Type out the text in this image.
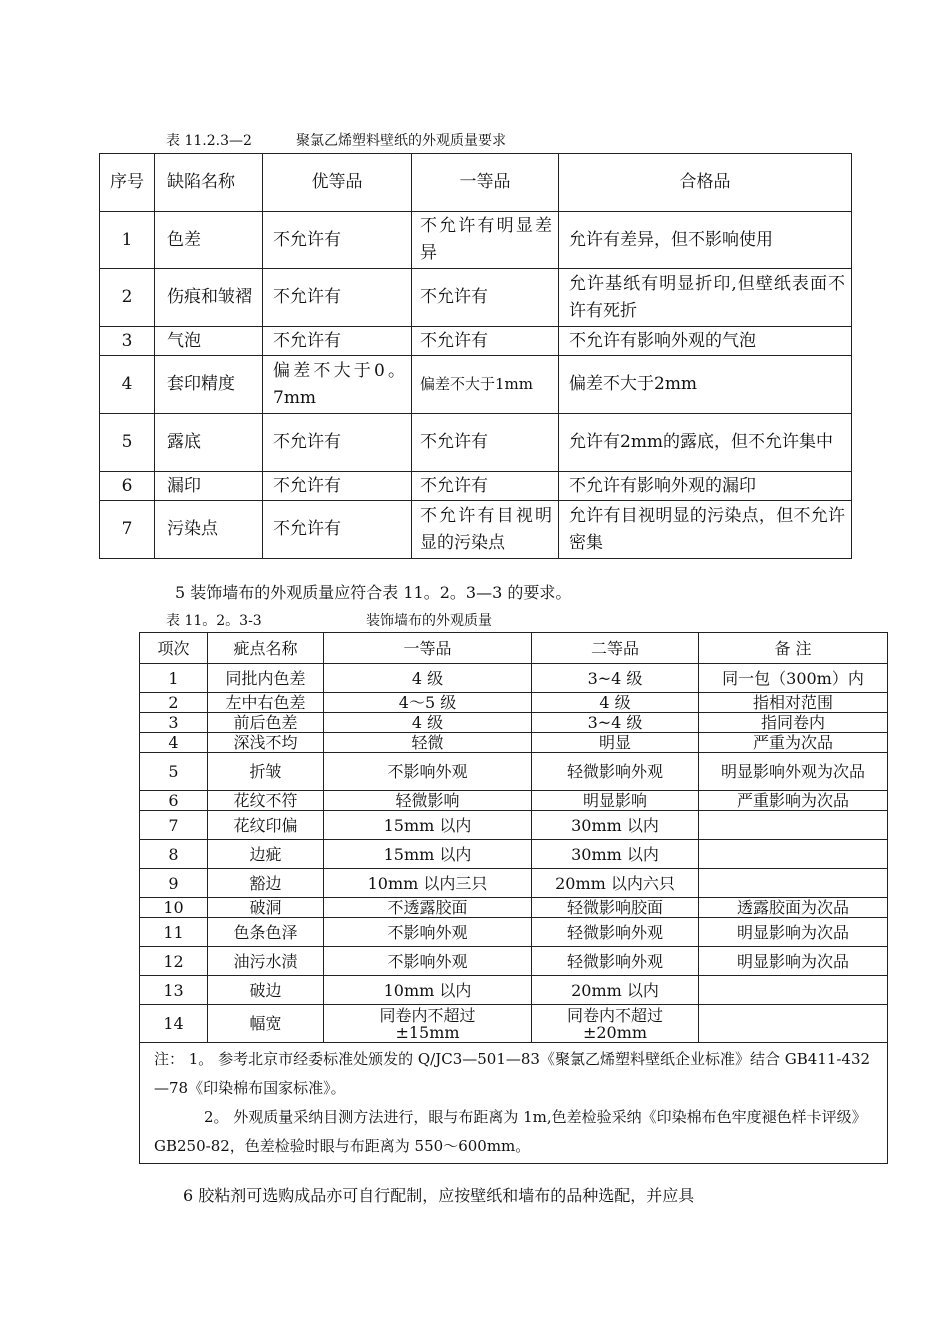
表 11.2.3—2	聚氯乙烯塑料壁纸的外观质量要求
序号	缺陷名称	优等品	一等品	合格品
1	色差	不允许有	不允许有明显差异	允许有差异，但不影响使用
2	伤痕和皱褶	不允许有	不允许有	允许基纸有明显折印,但壁纸表面不许有死折
3	气泡	不允许有	不允许有	不允许有影响外观的气泡
4	套印精度	偏差不大于0。7mm	偏差不大于1mm	偏差不大于2mm
5	露底	不允许有	不允许有	允许有2mm的露底，但不允许集中
6	漏印	不允许有	不允许有	不允许有影响外观的漏印
7	污染点	不允许有	不允许有目视明显的污染点	允许有目视明显的污染点，但不允许密集
5 装饰墙布的外观质量应符合表 11。2。3—3 的要求。
表 11。2。3-3	装饰墙布的外观质量
项次	疵点名称	一等品	二等品	备 注
1	同批内色差	4 级	3~4 级	同一包（300m）内
2	左中右色差	4～5 级	4 级	指相对范围
3	前后色差	4 级	3~4 级	指同卷内
4	深浅不均	轻微	明显	严重为次品
5	折皱	不影响外观	轻微影响外观	明显影响外观为次品
6	花纹不符	轻微影响	明显影响	严重影响为次品
7	花纹印偏	15mm 以内	30mm 以内	
8	边疵	15mm 以内	30mm 以内	
9	豁边	10mm 以内三只	20mm 以内六只	
10	破洞	不透露胶面	轻微影响胶面	透露胶面为次品
11	色条色泽	不影响外观	轻微影响外观	明显影响为次品
12	油污水渍	不影响外观	轻微影响外观	明显影响为次品
13	破边	10mm 以内	20mm 以内	
14	幅宽	同卷内不超过±15mm	同卷内不超过±20mm	

注： 1。 参考北京市经委标准处颁发的 Q/JC3—501—83《聚氯乙烯塑料壁纸企业标准》结合 GB411-432—78《印染棉布国家标准》。
2。 外观质量采纳目测方法进行，眼与布距离为 1m,色差检验采纳《印染棉布色牢度褪色样卡评级》GB250-82，色差检验时眼与布距离为 550～600mm。				
6 胶粘剂可选购成品亦可自行配制，应按壁纸和墙布的品种选配，并应具
